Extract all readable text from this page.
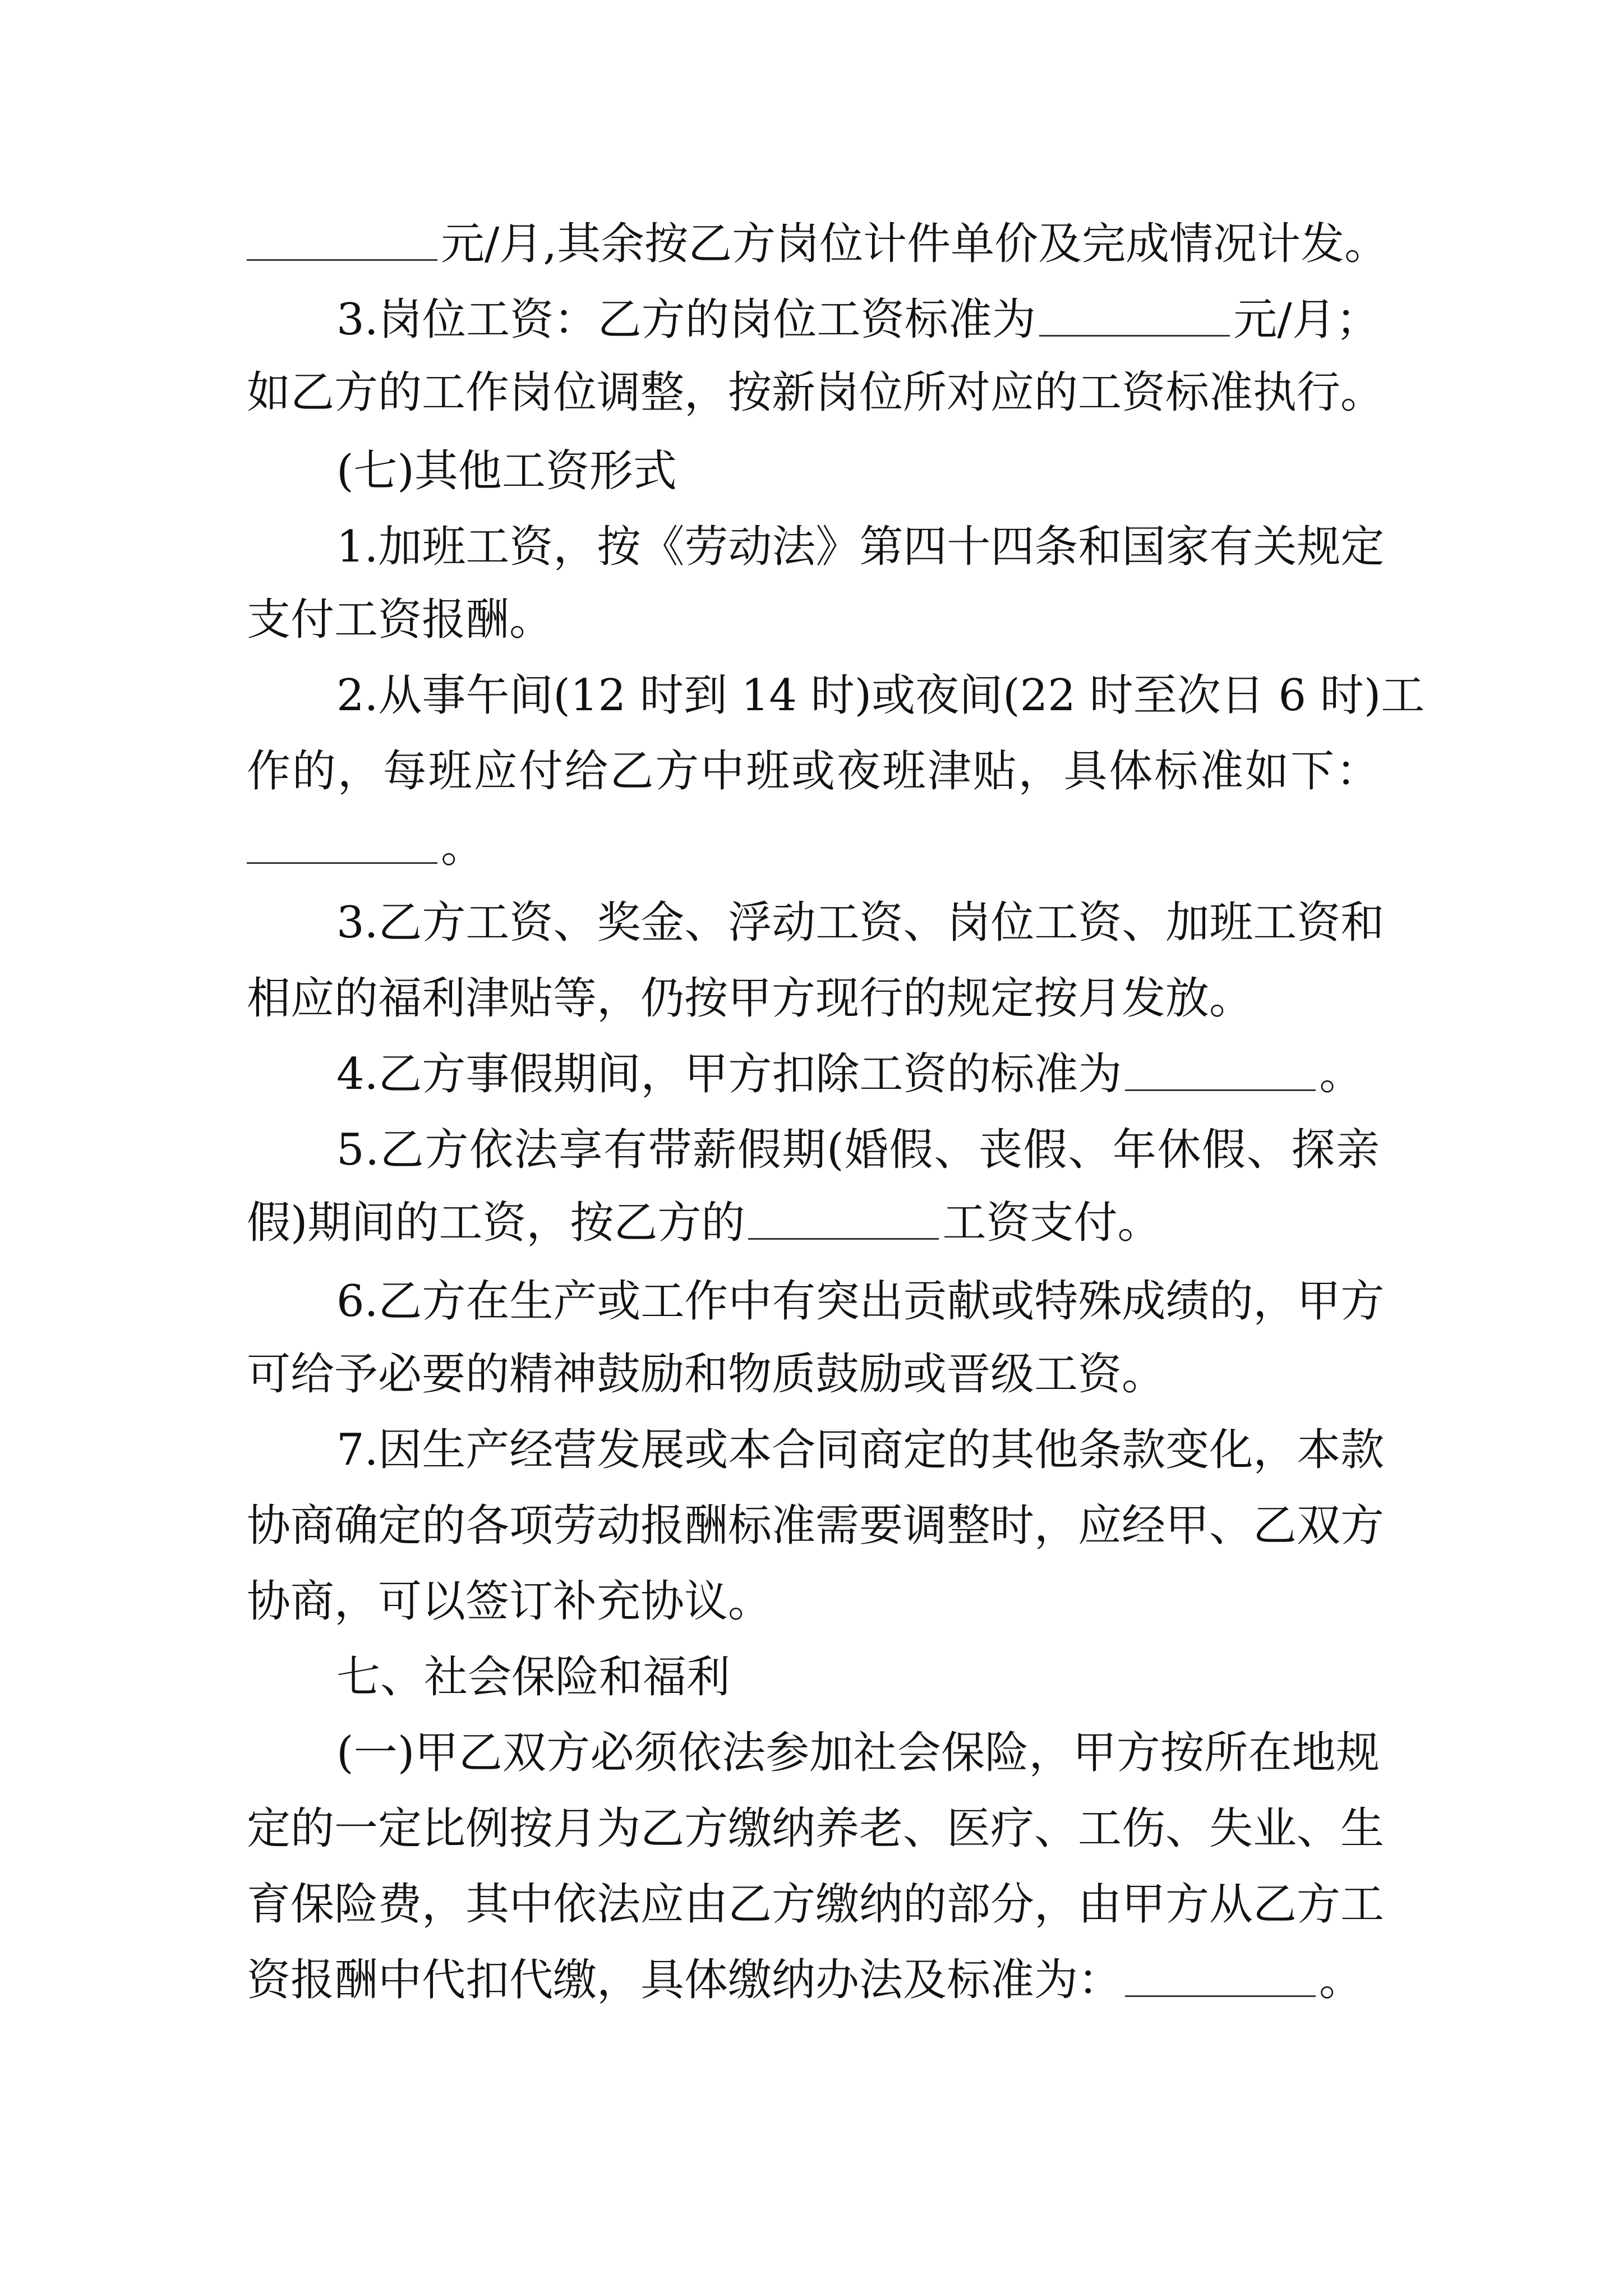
元/月,其余按乙方岗位计件单价及完成情况计发。
3.岗位工资：乙方的岗位工资标准为	元/月；
如乙方的工作岗位调整，按新岗位所对应的工资标准执行。
(七)其他工资形式
1.加班工资，按《劳动法》第四十四条和国家有关规定
支付工资报酬。
2.从事午间(12 时到 14 时)或夜间(22 时至次日 6 时)工
作的，每班应付给乙方中班或夜班津贴，具体标准如下：
。
3.乙方工资、奖金、浮动工资、岗位工资、加班工资和
相应的福利津贴等，仍按甲方现行的规定按月发放。
4.乙方事假期间，甲方扣除工资的标准为	。
5.乙方依法享有带薪假期(婚假、丧假、年休假、探亲
假)期间的工资，按乙方的	工资支付。
6.乙方在生产或工作中有突出贡献或特殊成绩的，甲方
可给予必要的精神鼓励和物质鼓励或晋级工资。
7.因生产经营发展或本合同商定的其他条款变化，本款
协商确定的各项劳动报酬标准需要调整时，应经甲、乙双方
协商，可以签订补充协议。
七、社会保险和福利
(一)甲乙双方必须依法参加社会保险，甲方按所在地规
定的一定比例按月为乙方缴纳养老、医疗、工伤、失业、生
育保险费，其中依法应由乙方缴纳的部分，由甲方从乙方工
资报酬中代扣代缴，具体缴纳办法及标准为：	。
